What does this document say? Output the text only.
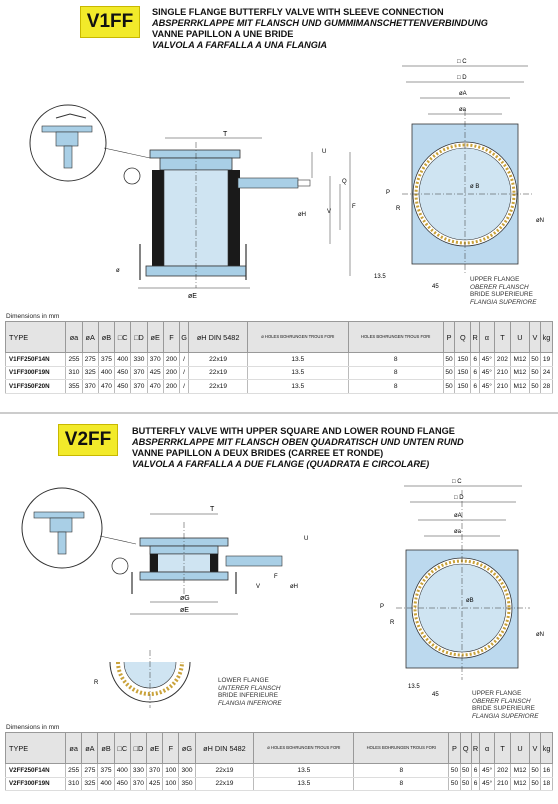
V1FF	SINGLE FLANGE BUTTERFLY VALVE WITH SLEEVE CONNECTION
ABSPERRKLAPPE MIT FLANSCH UND GUMMIMANSCHETTENVERBINDUNG
VANNE PAPILLON A UNE BRIDE
VALVOLA A FARFALLA A UNA FLANGIA
T
U
V
F
Q
øH
øE
ø
□ C
□ D
øA
øa
ø B
P
R
øN
13.5
45
UPPER FLANGE
OBERER FLANSCH
BRIDE SUPERIEURE
FLANGIA SUPERIORE
Dimensions in mm
TYPE	øa	øA	øB	□C	□D	øE	F	G	øH DIN 5482	ø HOLES BOHRUNGEN TROUS FORI	HOLES BOHRUNGEN TROUS FORI	P	Q	R	α	T	U	V	kg
V1FF250F14N	255	275	375	400	330	370	200	/	22x19	13.5	8	50	150	6	45°	202	M12	50	19
V1FF300F19N	310	325	400	450	370	425	200	/	22x19	13.5	8	50	150	6	45°	210	M12	50	24
V1FF350F20N	355	370	470	450	370	470	200	/	22x19	13.5	8	50	150	6	45°	210	M12	50	28
V2FF	BUTTERFLY VALVE WITH UPPER SQUARE AND LOWER ROUND FLANGE
ABSPERRKLAPPE MIT FLANSCH OBEN QUADRATISCH UND UNTEN RUND
VANNE PAPILLON A DEUX BRIDES (CARREE ET RONDE)
VALVOLA A FARFALLA A DUE FLANGE (QUADRATA E CIRCOLARE)
T
U
V	øH
øG
øE
F
R	LOWER FLANGE
UNTERER FLANSCH
BRIDE INFERIEURE
FLANGIA INFERIORE
□ C
□ D
øA
øa
øB
P
R
øN
13.5
45	UPPER FLANGE
OBERER FLANSCH
BRIDE SUPERIEURE
FLANGIA SUPERIORE
Dimensions in mm
TYPE	øa	øA	øB	□C	□D	øE	F	øG	øH DIN 5482	ø HOLES BOHRUNGEN TROUS FORI	HOLES BOHRUNGEN TROUS FORI	P	Q	R	α	T	U	V	kg
V2FF250F14N	255	275	375	400	330	370	100	300	22x19	13.5	8	50	50	6	45°	202	M12	50	16
V2FF300F19N	310	325	400	450	370	425	100	350	22x19	13.5	8	50	50	6	45°	210	M12	50	18
